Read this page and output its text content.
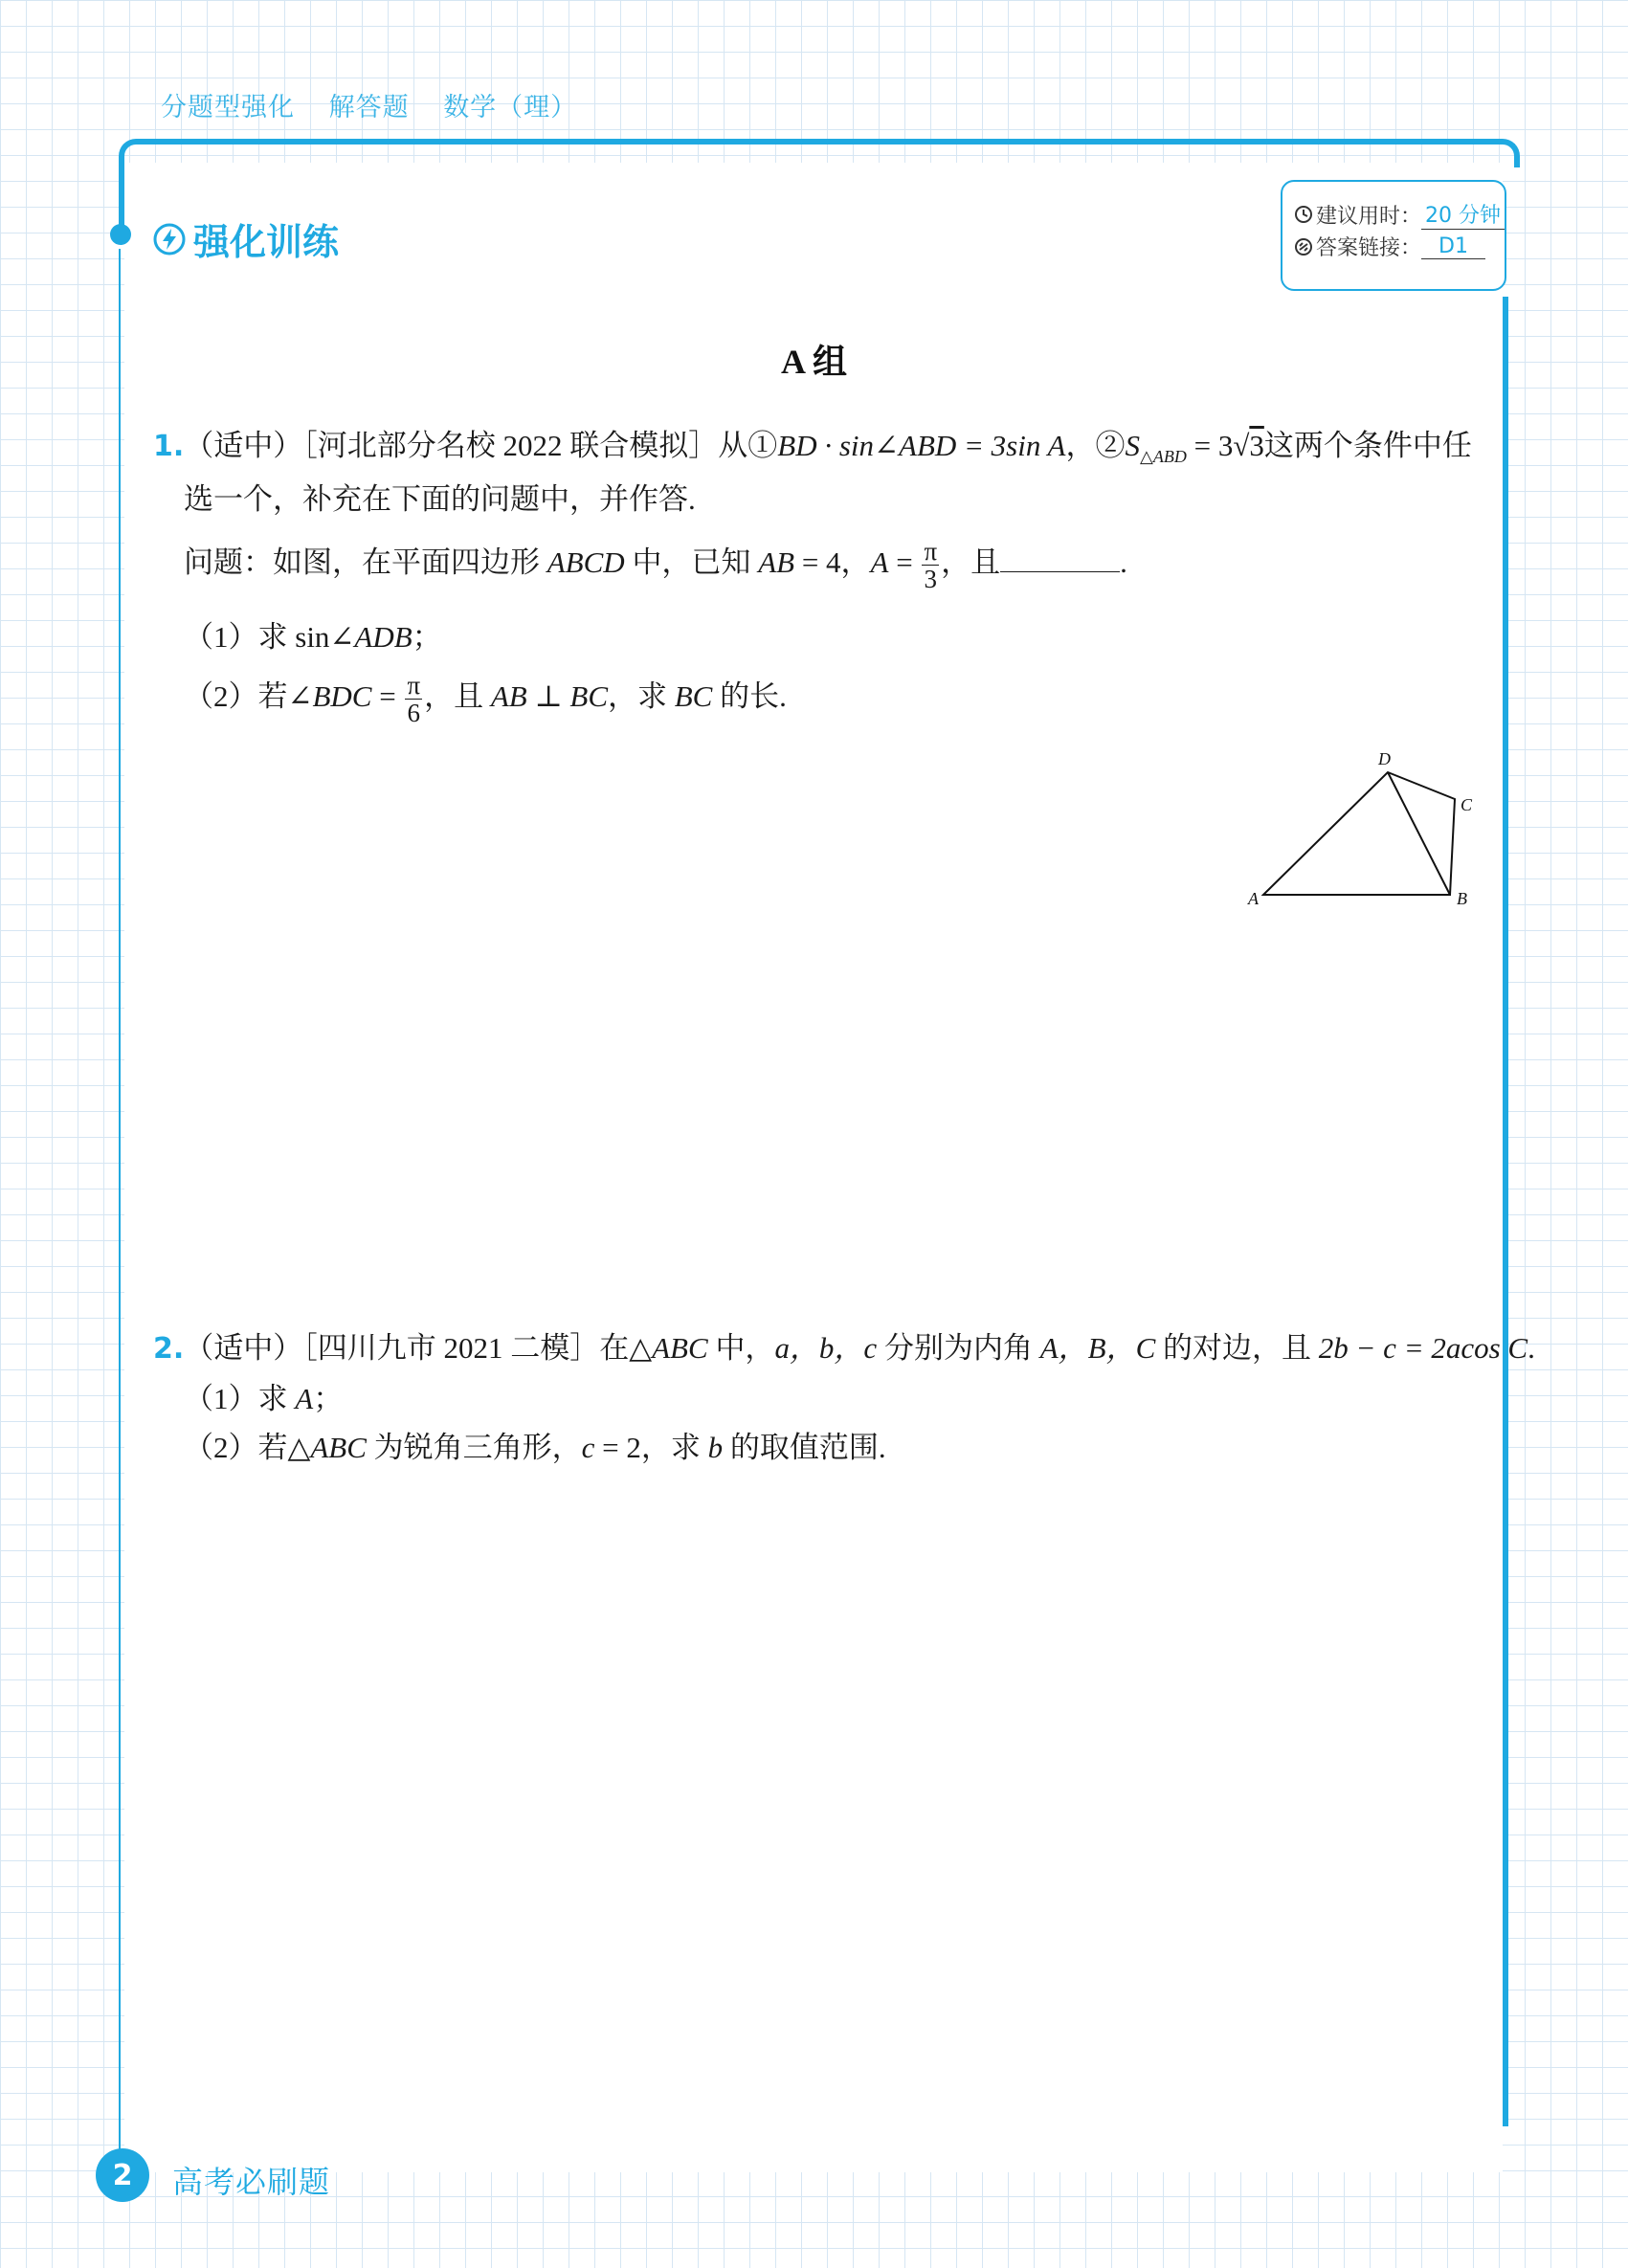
分题型强化 解答题 数学（理）
强化训练
建议用时： 20 分钟
答案链接： D1
A 组
1.（适中）［河北部分名校 2022 联合模拟］从①BD · sin∠ABD = 3sin A，$②S_{\triangle ABD} = 3√3$这两个条件中任
选一个，补充在下面的问题中，并作答.
问题：如图，在平面四边形 ABCD 中，已知 AB = 4，$A = \frac{\pi}{3}$ ，且	.
（1）求 sin∠ADB；
（2）若∠BDC = $\frac{\pi}{6}$ ，且 AB ⊥ BC，求 BC 的长.
A	B
C
D
2.（适中）［四川九市 2021 二模］在△ABC 中，a，b，c 分别为内角 A，B，C 的对边，且 2b − c = 2acos C.
（1）求 A；
（2）若△ABC 为锐角三角形，c = 2，求 b 的取值范围.
2	高考必刷题
